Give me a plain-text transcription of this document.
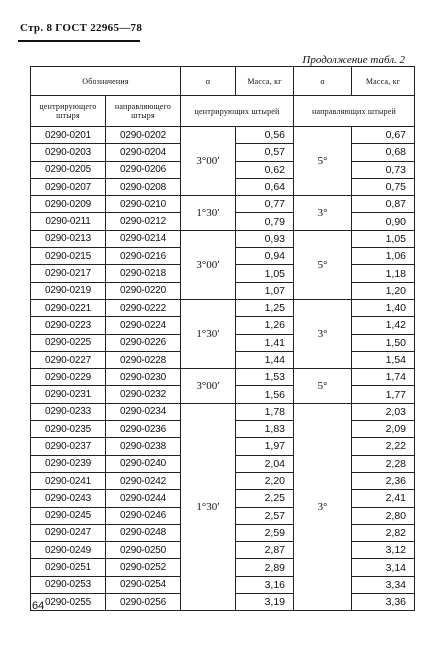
Стр. 8 ГОСТ 22965—78
Продолжение табл. 2
Обозначения		α	Масса, кг	α	Масса, кг
центрирующего штыря	направляющего штыря	центрирующих штырей		направляющих штырей	
0290-0201	0290-0202	3°00′	0,56	5°	0,67
0290-0203	0290-0204		0,57		0,68
0290-0205	0290-0206		0,62		0,73
0290-0207	0290-0208		0,64		0,75
0290-0209	0290-0210	1°30′	0,77	3°	0,87
0290-0211	0290-0212		0,79		0,90
0290-0213	0290-0214	3°00′	0,93	5°	1,05
0290-0215	0290-0216		0,94		1,06
0290-0217	0290-0218		1,05		1,18
0290-0219	0290-0220		1,07		1,20
0290-0221	0290-0222	1°30′	1,25	3°	1,40
0290-0223	0290-0224		1,26		1,42
0290-0225	0290-0226		1,41		1,50
0290-0227	0290-0228		1,44		1,54
0290-0229	0290-0230	3°00′	1,53	5°	1,74
0290-0231	0290-0232		1,56		1,77
0290-0233	0290-0234	1°30′	1,78	3°	2,03
0290-0235	0290-0236		1,83		2,09
0290-0237	0290-0238		1,97		2,22
0290-0239	0290-0240		2,04		2,28
0290-0241	0290-0242		2,20		2,36
0290-0243	0290-0244		2,25		2,41
0290-0245	0290-0246		2,57		2,80
0290-0247	0290-0248		2,59		2,82
0290-0249	0290-0250		2,87		3,12
0290-0251	0290-0252		2,89		3,14
0290-0253	0290-0254		3,16		3,34
0290-0255	0290-0256		3,19		3,36
64
